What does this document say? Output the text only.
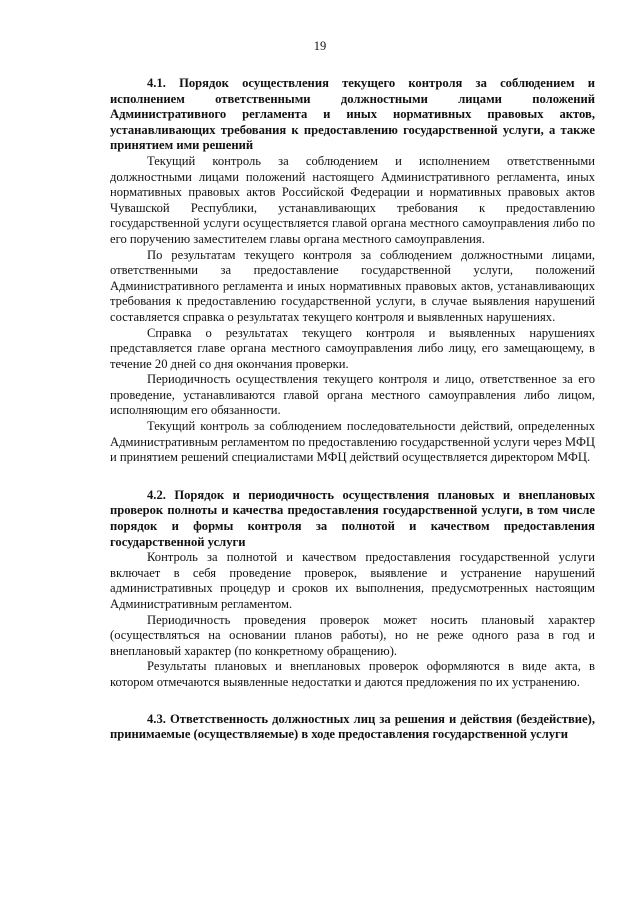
19

4.1. Порядок осуществления текущего контроля за соблюдением и исполнением ответственными должностными лицами положений Административного регламента и иных нормативных правовых актов, устанавливающих требования к предоставлению государственной услуги, а также принятием ими решений

Текущий контроль за соблюдением и исполнением ответственными должностными лицами положений настоящего Административного регламента, иных нормативных правовых актов Российской Федерации и нормативных правовых актов Чувашской Республики, устанавливающих требования к предоставлению государственной услуги осуществляется главой органа местного самоуправления либо по его поручению заместителем главы органа местного самоуправления.

По результатам текущего контроля за соблюдением должностными лицами, ответственными за предоставление государственной услуги, положений Административного регламента и иных нормативных правовых актов, устанавливающих требования к предоставлению государственной услуги, в случае выявления нарушений составляется справка о результатах текущего контроля и выявленных нарушениях.

Справка о результатах текущего контроля и выявленных нарушениях представляется главе органа местного самоуправления либо лицу, его замещающему, в течение 20 дней со дня окончания проверки.

Периодичность осуществления текущего контроля и лицо, ответственное за его проведение, устанавливаются главой органа местного самоуправления либо лицом, исполняющим его обязанности.

Текущий контроль за соблюдением последовательности действий, определенных Административным регламентом по предоставлению государственной услуги через МФЦ и принятием решений специалистами МФЦ действий осуществляется директором МФЦ.

4.2. Порядок и периодичность осуществления плановых и внеплановых проверок полноты и качества предоставления государственной услуги, в том числе порядок и формы контроля за полнотой и качеством предоставления государственной услуги

Контроль за полнотой и качеством предоставления государственной услуги включает в себя проведение проверок, выявление и устранение нарушений административных процедур и сроков их выполнения, предусмотренных настоящим Административным регламентом.

Периодичность проведения проверок может носить плановый характер (осуществляться на основании планов работы), но не реже одного раза в год и внеплановый характер (по конкретному обращению).

Результаты плановых и внеплановых проверок оформляются в виде акта, в котором отмечаются выявленные недостатки и даются предложения по их устранению.

4.3. Ответственность должностных лиц за решения и действия (бездействие), принимаемые (осуществляемые) в ходе предоставления государственной услуги
